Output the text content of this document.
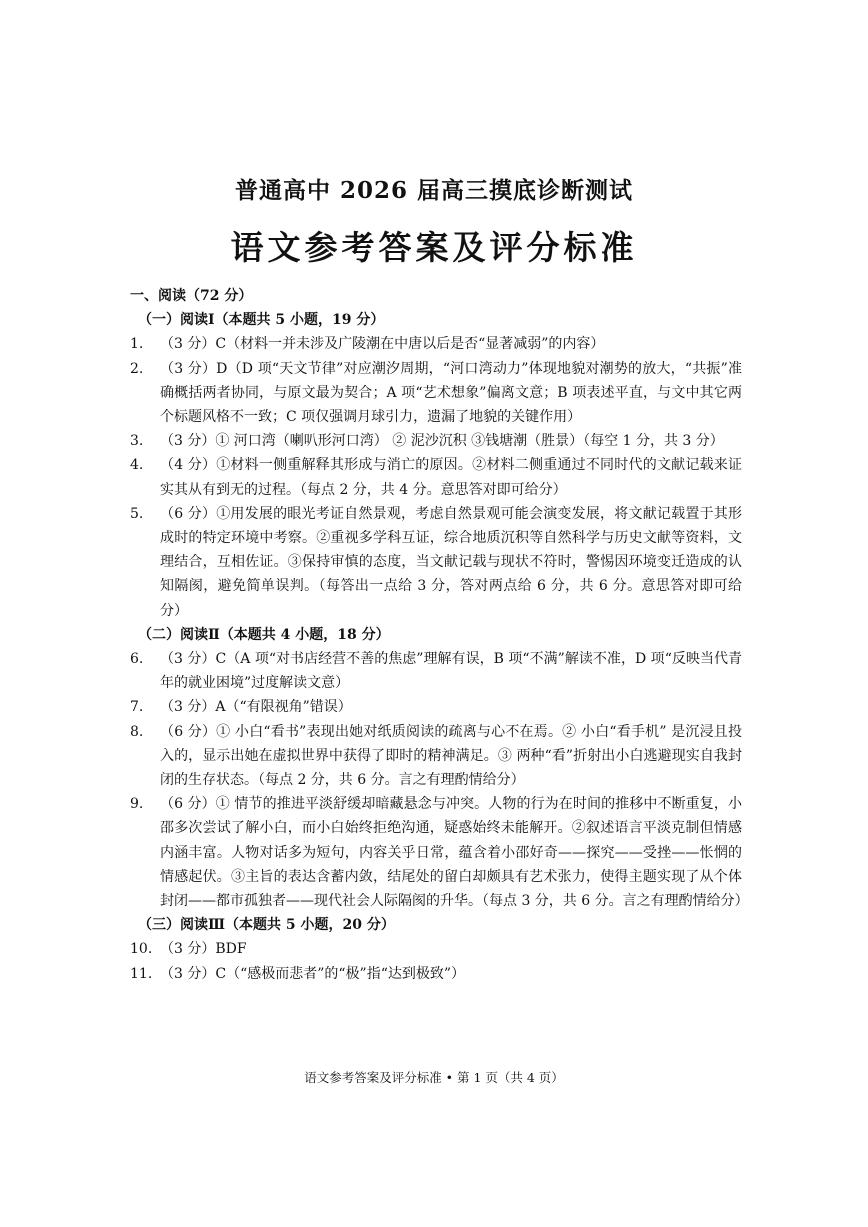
普通高中 2026 届高三摸底诊断测试
语文参考答案及评分标准
一、阅读（72 分）
（一）阅读Ⅰ（本题共 5 小题，19 分）
1.	（3 分）C（材料一并未涉及广陵潮在中唐以后是否“显著减弱”的内容）
2.	（3 分）D（D 项“天文节律”对应潮汐周期，“河口湾动力”体现地貌对潮势的放大，“共振”准确概括两者协同，与原文最为契合；A 项“艺术想象”偏离文意；B 项表述平直，与文中其它两个标题风格不一致；C 项仅强调月球引力，遗漏了地貌的关键作用）
3.	（3 分）① 河口湾（喇叭形河口湾） ② 泥沙沉积 ③钱塘潮（胜景）（每空 1 分，共 3 分）
4.	（4 分）①材料一侧重解释其形成与消亡的原因。②材料二侧重通过不同时代的文献记载来证实其从有到无的过程。（每点 2 分，共 4 分。意思答对即可给分）
5.	（6 分）①用发展的眼光考证自然景观，考虑自然景观可能会演变发展，将文献记载置于其形成时的特定环境中考察。②重视多学科互证，综合地质沉积等自然科学与历史文献等资料，文理结合，互相佐证。③保持审慎的态度，当文献记载与现状不符时，警惕因环境变迁造成的认知隔阂，避免简单误判。（每答出一点给 3 分，答对两点给 6 分，共 6 分。意思答对即可给分）
（二）阅读Ⅱ（本题共 4 小题，18 分）
6.	（3 分）C（A 项“对书店经营不善的焦虑”理解有误，B 项“不满”解读不准，D 项“反映当代青年的就业困境”过度解读文意）
7.	（3 分）A（“有限视角”错误）
8.	（6 分）① 小白“看书”表现出她对纸质阅读的疏离与心不在焉。② 小白“看手机” 是沉浸且投入的，显示出她在虚拟世界中获得了即时的精神满足。③ 两种“看”折射出小白逃避现实自我封闭的生存状态。（每点 2 分，共 6 分。言之有理酌情给分）
9.	（6 分）① 情节的推进平淡舒缓却暗藏悬念与冲突。人物的行为在时间的推移中不断重复，小邵多次尝试了解小白，而小白始终拒绝沟通，疑惑始终未能解开。②叙述语言平淡克制但情感内涵丰富。人物对话多为短句，内容关乎日常，蕴含着小邵好奇——探究——受挫——怅惘的情感起伏。③主旨的表达含蓄内敛，结尾处的留白却颇具有艺术张力，使得主题实现了从个体封闭——都市孤独者——现代社会人际隔阂的升华。（每点 3 分，共 6 分。言之有理酌情给分）
（三）阅读Ⅲ（本题共 5 小题，20 分）
10. （3 分）BDF
11. （3 分）C（“感极而悲者”的“极”指“达到极致”）
语文参考答案及评分标准 • 第 1 页（共 4 页）
